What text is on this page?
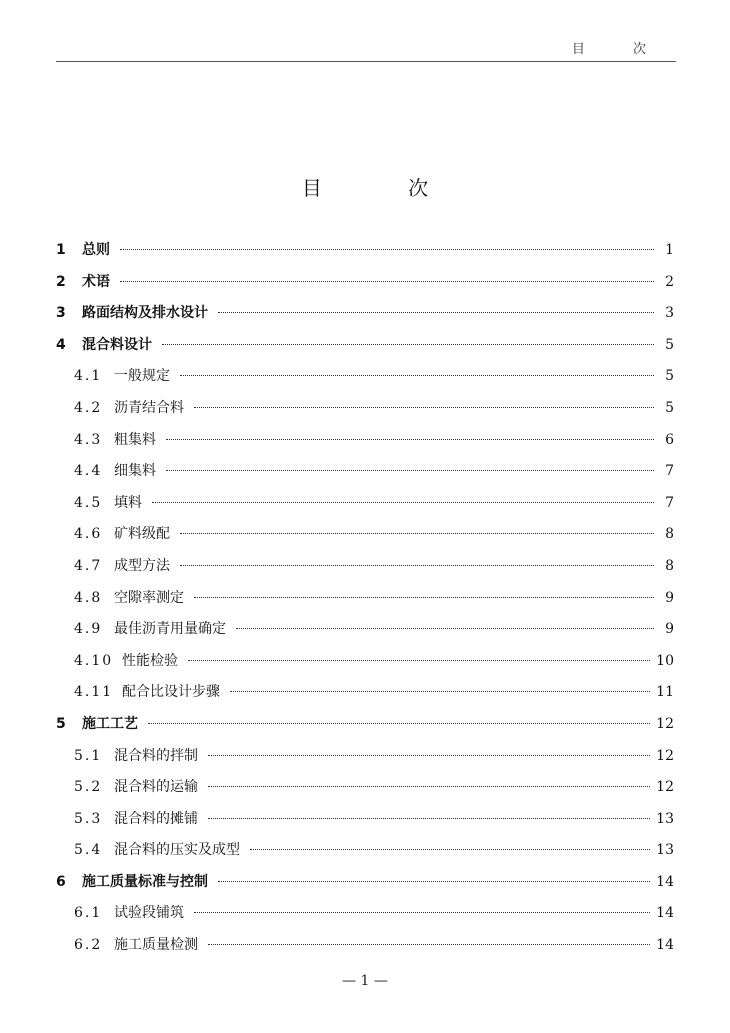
目 次
目 次
1	总则	1
2	术语	2
3	路面结构及排水设计	3
4	混合料设计	5
4.1 一般规定	5
4.2 沥青结合料	5
4.3 粗集料	6
4.4 细集料	7
4.5 填料	7
4.6 矿料级配	8
4.7 成型方法	8
4.8 空隙率测定	9
4.9 最佳沥青用量确定	9
4.10 性能检验	10
4.11 配合比设计步骤	11
5	施工工艺	12
5.1 混合料的拌制	12
5.2 混合料的运输	12
5.3 混合料的摊铺	13
5.4 混合料的压实及成型	13
6	施工质量标准与控制	14
6.1 试验段铺筑	14
6.2 施工质量检测	14
— 1 —
